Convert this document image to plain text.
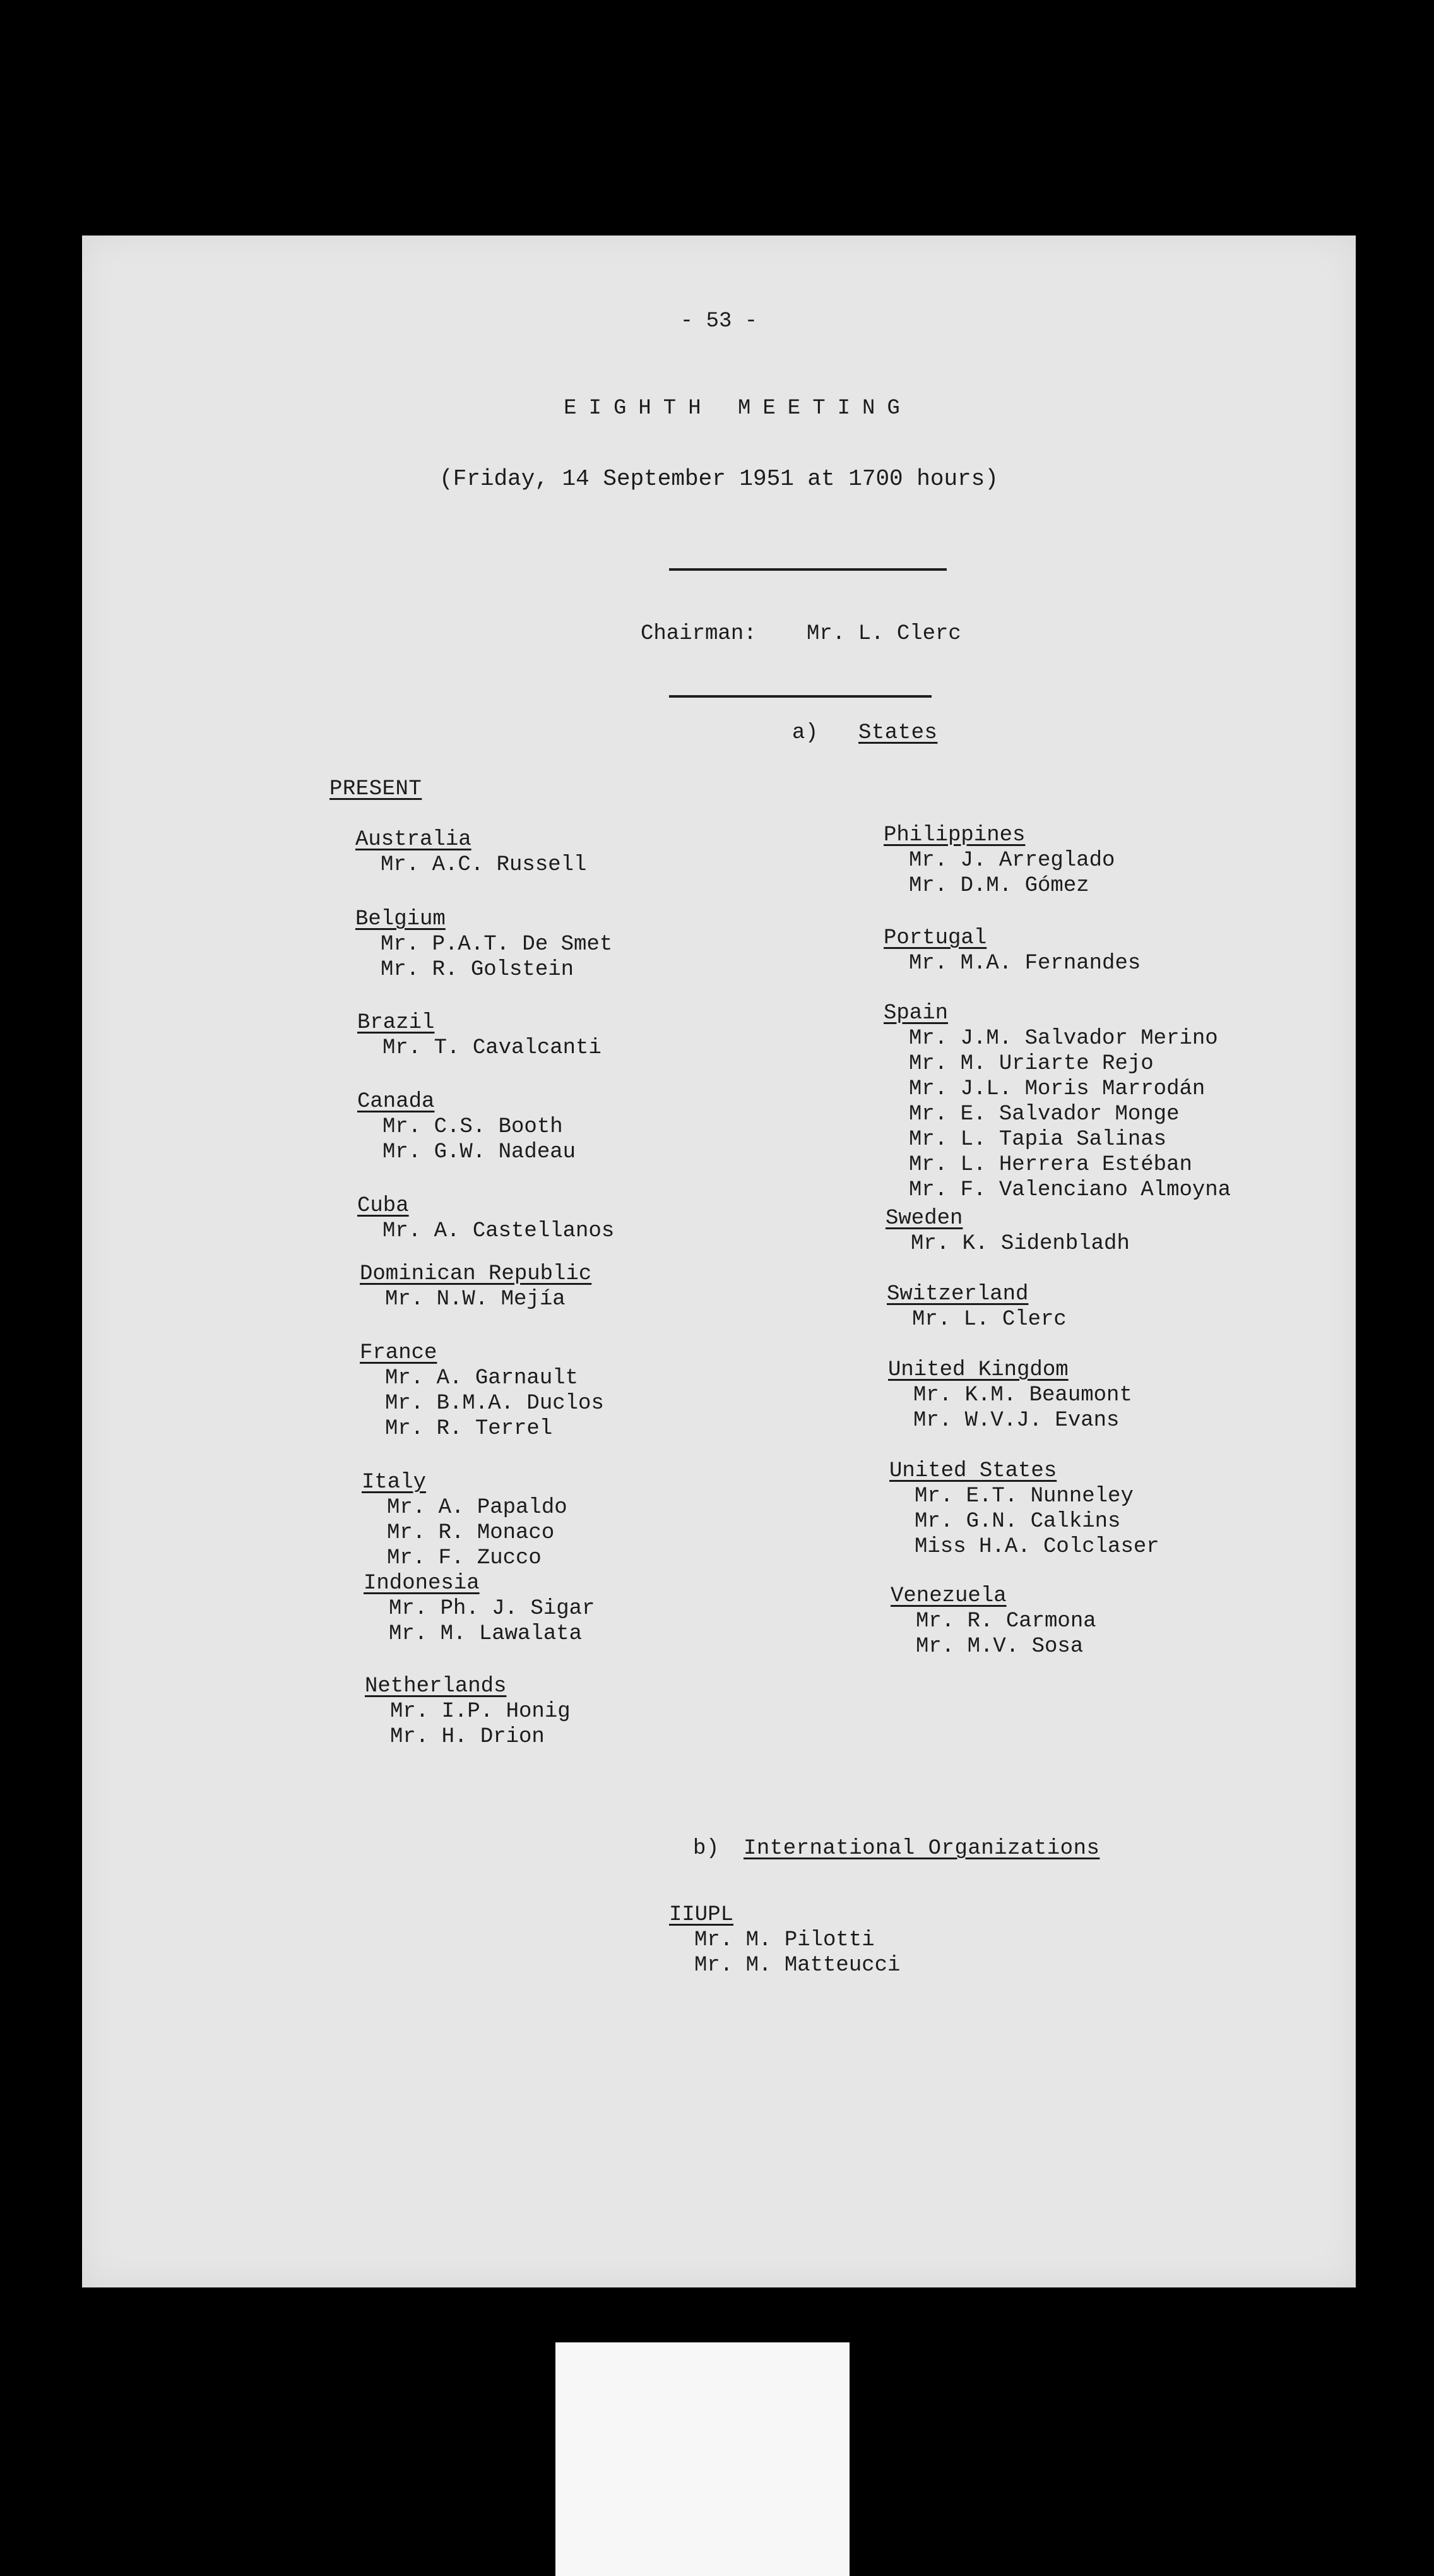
- 53 -
EIGHTH MEETING
(Friday, 14 September 1951 at 1700 hours)
Chairman: Mr. L. Clerc
a) States
PRESENT
b) International Organizations
Australia
Mr. A.C. Russell
Belgium
Mr. P.A.T. De Smet
Mr. R. Golstein
Brazil
Mr. T. Cavalcanti
Canada
Mr. C.S. Booth
Mr. G.W. Nadeau
Cuba
Mr. A. Castellanos
Dominican Republic
Mr. N.W. Mejía
France
Mr. A. Garnault
Mr. B.M.A. Duclos
Mr. R. Terrel
Italy
Mr. A. Papaldo
Mr. R. Monaco
Mr. F. Zucco
Indonesia
Mr. Ph. J. Sigar
Mr. M. Lawalata
Netherlands
Mr. I.P. Honig
Mr. H. Drion
Philippines
Mr. J. Arreglado
Mr. D.M. Gómez
Portugal
Mr. M.A. Fernandes
Spain
Mr. J.M. Salvador Merino
Mr. M. Uriarte Rejo
Mr. J.L. Moris Marrodán
Mr. E. Salvador Monge
Mr. L. Tapia Salinas
Mr. L. Herrera Estéban
Mr. F. Valenciano Almoyna
Sweden
Mr. K. Sidenbladh
Switzerland
Mr. L. Clerc
United Kingdom
Mr. K.M. Beaumont
Mr. W.V.J. Evans
United States
Mr. E.T. Nunneley
Mr. G.N. Calkins
Miss H.A. Colclaser
Venezuela
Mr. R. Carmona
Mr. M.V. Sosa
IIUPL
Mr. M. Pilotti
Mr. M. Matteucci
